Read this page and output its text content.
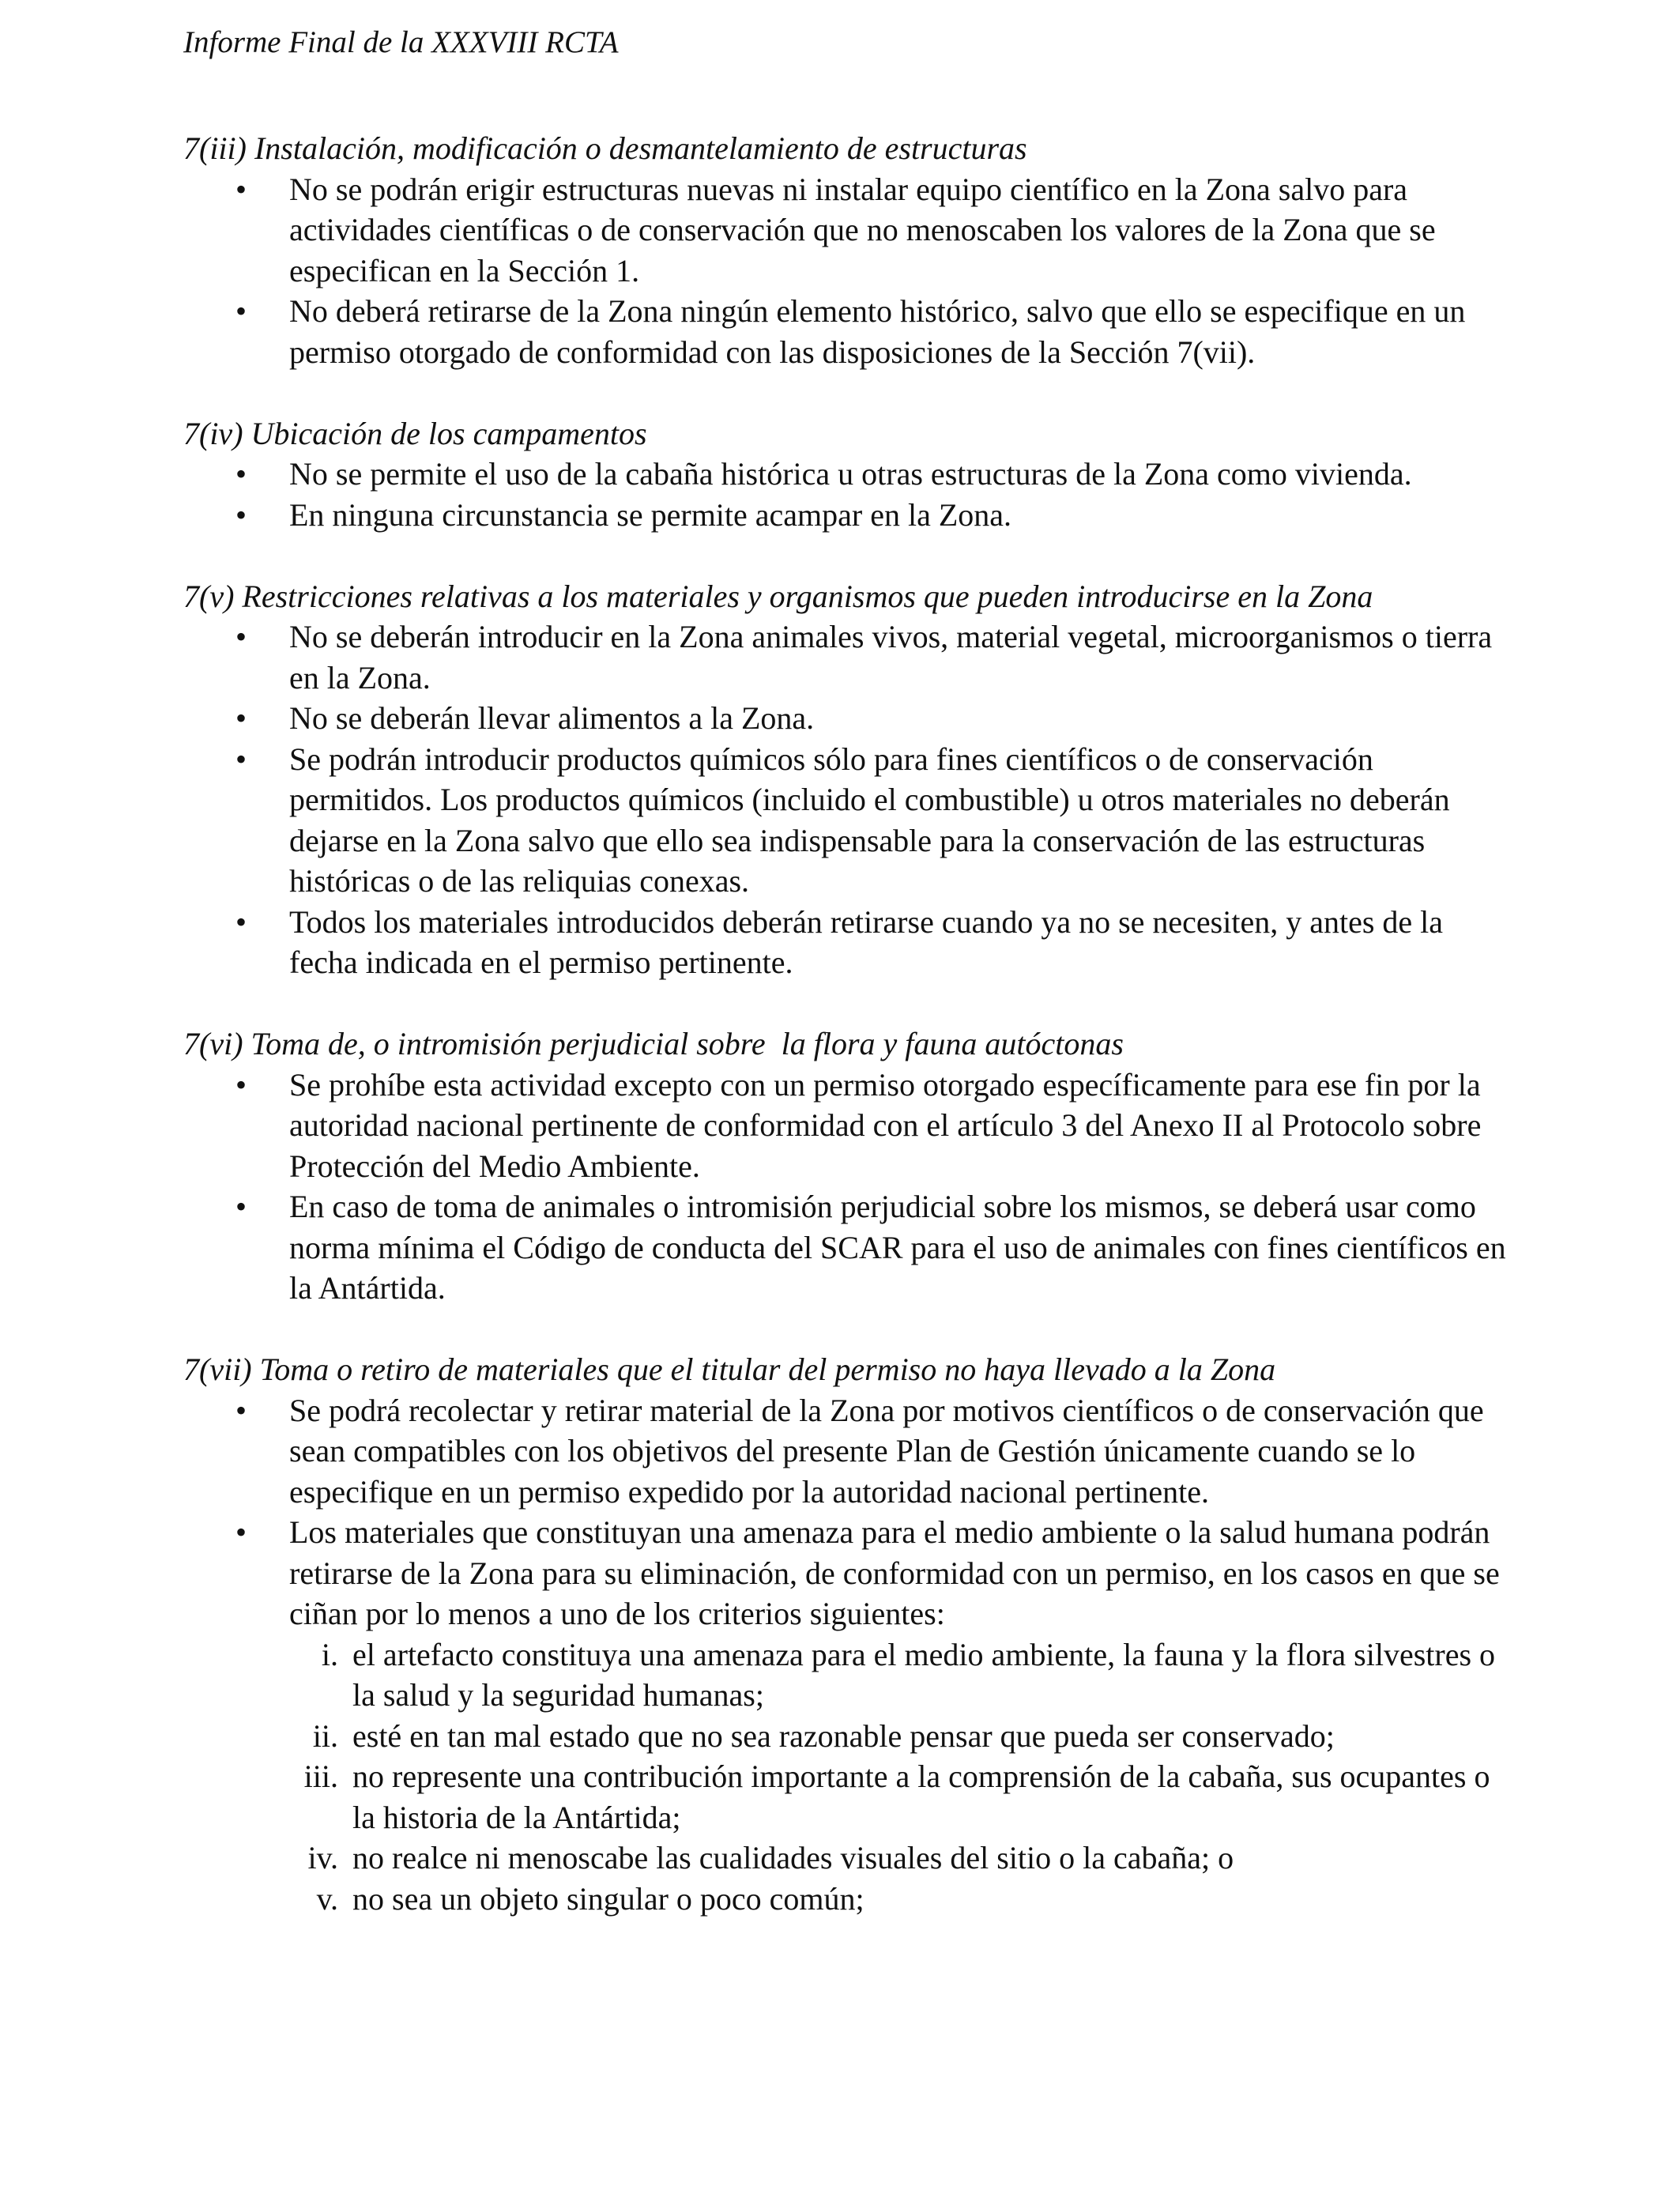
Informe Final de la XXXVIII RCTA

7(iii) Instalación, modificación o desmantelamiento de estructuras
• No se podrán erigir estructuras nuevas ni instalar equipo científico en la Zona salvo para actividades científicas o de conservación que no menoscaben los valores de la Zona que se especifican en la Sección 1.
• No deberá retirarse de la Zona ningún elemento histórico, salvo que ello se especifique en un permiso otorgado de conformidad con las disposiciones de la Sección 7(vii).
7(iv) Ubicación de los campamentos
• No se permite el uso de la cabaña histórica u otras estructuras de la Zona como vivienda.
• En ninguna circunstancia se permite acampar en la Zona.
7(v) Restricciones relativas a los materiales y organismos que pueden introducirse en la Zona
• No se deberán introducir en la Zona animales vivos, material vegetal, microorganismos o tierra en la Zona.
• No se deberán llevar alimentos a la Zona.
• Se podrán introducir productos químicos sólo para fines científicos o de conservación permitidos. Los productos químicos (incluido el combustible) u otros materiales no deberán dejarse en la Zona salvo que ello sea indispensable para la conservación de las estructuras históricas o de las reliquias conexas.
• Todos los materiales introducidos deberán retirarse cuando ya no se necesiten, y antes de la fecha indicada en el permiso pertinente.
7(vi) Toma de, o intromisión perjudicial sobre  la flora y fauna autóctonas
• Se prohíbe esta actividad excepto con un permiso otorgado específicamente para ese fin por la autoridad nacional pertinente de conformidad con el artículo 3 del Anexo II al Protocolo sobre Protección del Medio Ambiente.
• En caso de toma de animales o intromisión perjudicial sobre los mismos, se deberá usar como norma mínima el Código de conducta del SCAR para el uso de animales con fines científicos en la Antártida.
7(vii) Toma o retiro de materiales que el titular del permiso no haya llevado a la Zona
• Se podrá recolectar y retirar material de la Zona por motivos científicos o de conservación que sean compatibles con los objetivos del presente Plan de Gestión únicamente cuando se lo especifique en un permiso expedido por la autoridad nacional pertinente.
• Los materiales que constituyan una amenaza para el medio ambiente o la salud humana podrán retirarse de la Zona para su eliminación, de conformidad con un permiso, en los casos en que se ciñan por lo menos a uno de los criterios siguientes:
i. el artefacto constituya una amenaza para el medio ambiente, la fauna y la flora silvestres o la salud y la seguridad humanas;
ii. esté en tan mal estado que no sea razonable pensar que pueda ser conservado;
iii. no represente una contribución importante a la comprensión de la cabaña, sus ocupantes o la historia de la Antártida;
iv. no realce ni menoscabe las cualidades visuales del sitio o la cabaña; o
v. no sea un objeto singular o poco común;
